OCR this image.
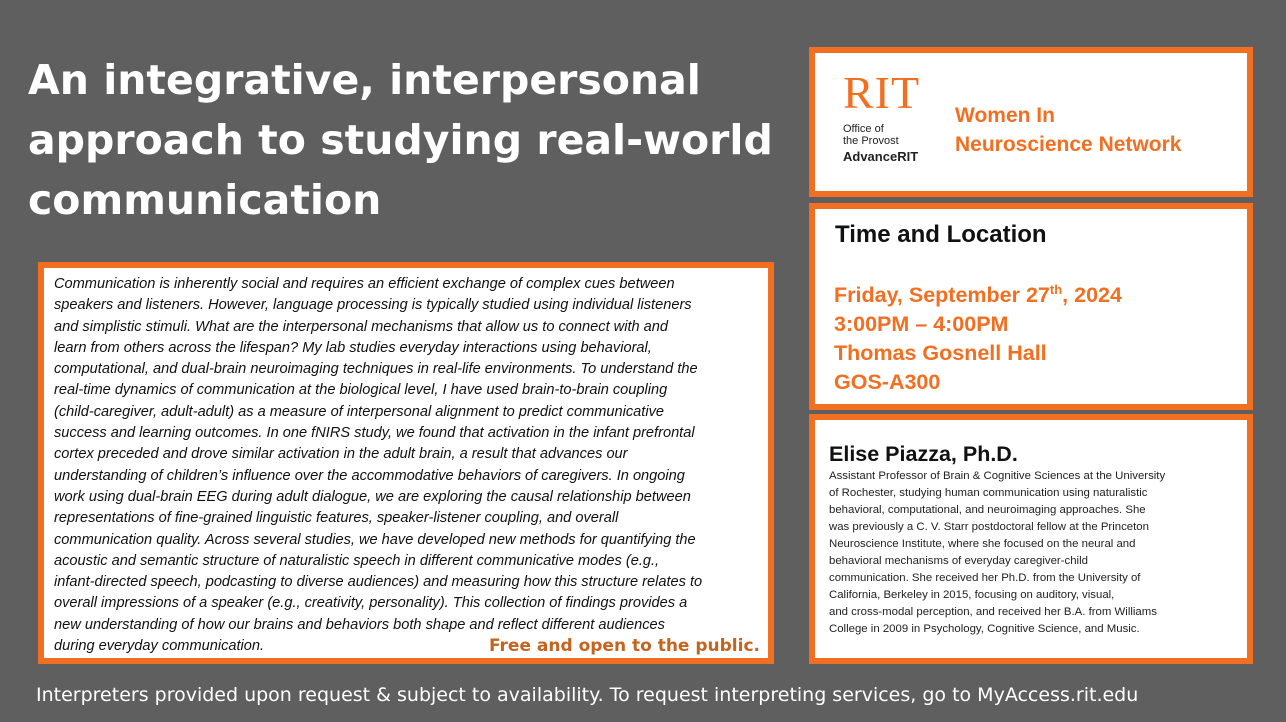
An integrative, interpersonal
approach to studying real-world
communication

Communication is inherently social and requires an efficient exchange of complex cues between
speakers and listeners. However, language processing is typically studied using individual listeners
and simplistic stimuli. What are the interpersonal mechanisms that allow us to connect with and
learn from others across the lifespan? My lab studies everyday interactions using behavioral,
computational, and dual-brain neuroimaging techniques in real-life environments. To understand the
real-time dynamics of communication at the biological level, I have used brain-to-brain coupling
(child-caregiver, adult-adult) as a measure of interpersonal alignment to predict communicative
success and learning outcomes. In one fNIRS study, we found that activation in the infant prefrontal
cortex preceded and drove similar activation in the adult brain, a result that advances our
understanding of children’s influence over the accommodative behaviors of caregivers. In ongoing
work using dual-brain EEG during adult dialogue, we are exploring the causal relationship between
representations of fine-grained linguistic features, speaker-listener coupling, and overall
communication quality. Across several studies, we have developed new methods for quantifying the
acoustic and semantic structure of naturalistic speech in different communicative modes (e.g.,
infant-directed speech, podcasting to diverse audiences) and measuring how this structure relates to
overall impressions of a speaker (e.g., creativity, personality). This collection of findings provides a
new understanding of how our brains and behaviors both shape and reflect different audiences
during everyday communication.	Free and open to the public.
RIT
Office of
the Provost
AdvanceRIT
Women In
Neuroscience Network
Time and Location
Friday, September 27th, 2024
3:00PM – 4:00PM
Thomas Gosnell Hall
GOS-A300
Elise Piazza, Ph.D.
Assistant Professor of Brain & Cognitive Sciences at the University
of Rochester, studying human communication using naturalistic
behavioral, computational, and neuroimaging approaches. She
was previously a C. V. Starr postdoctoral fellow at the Princeton
Neuroscience Institute, where she focused on the neural and
behavioral mechanisms of everyday caregiver-child
communication. She received her Ph.D. from the University of
California, Berkeley in 2015, focusing on auditory, visual,
and cross-modal perception, and received her B.A. from Williams
College in 2009 in Psychology, Cognitive Science, and Music.
Interpreters provided upon request & subject to availability. To request interpreting services, go to MyAccess.rit.edu
